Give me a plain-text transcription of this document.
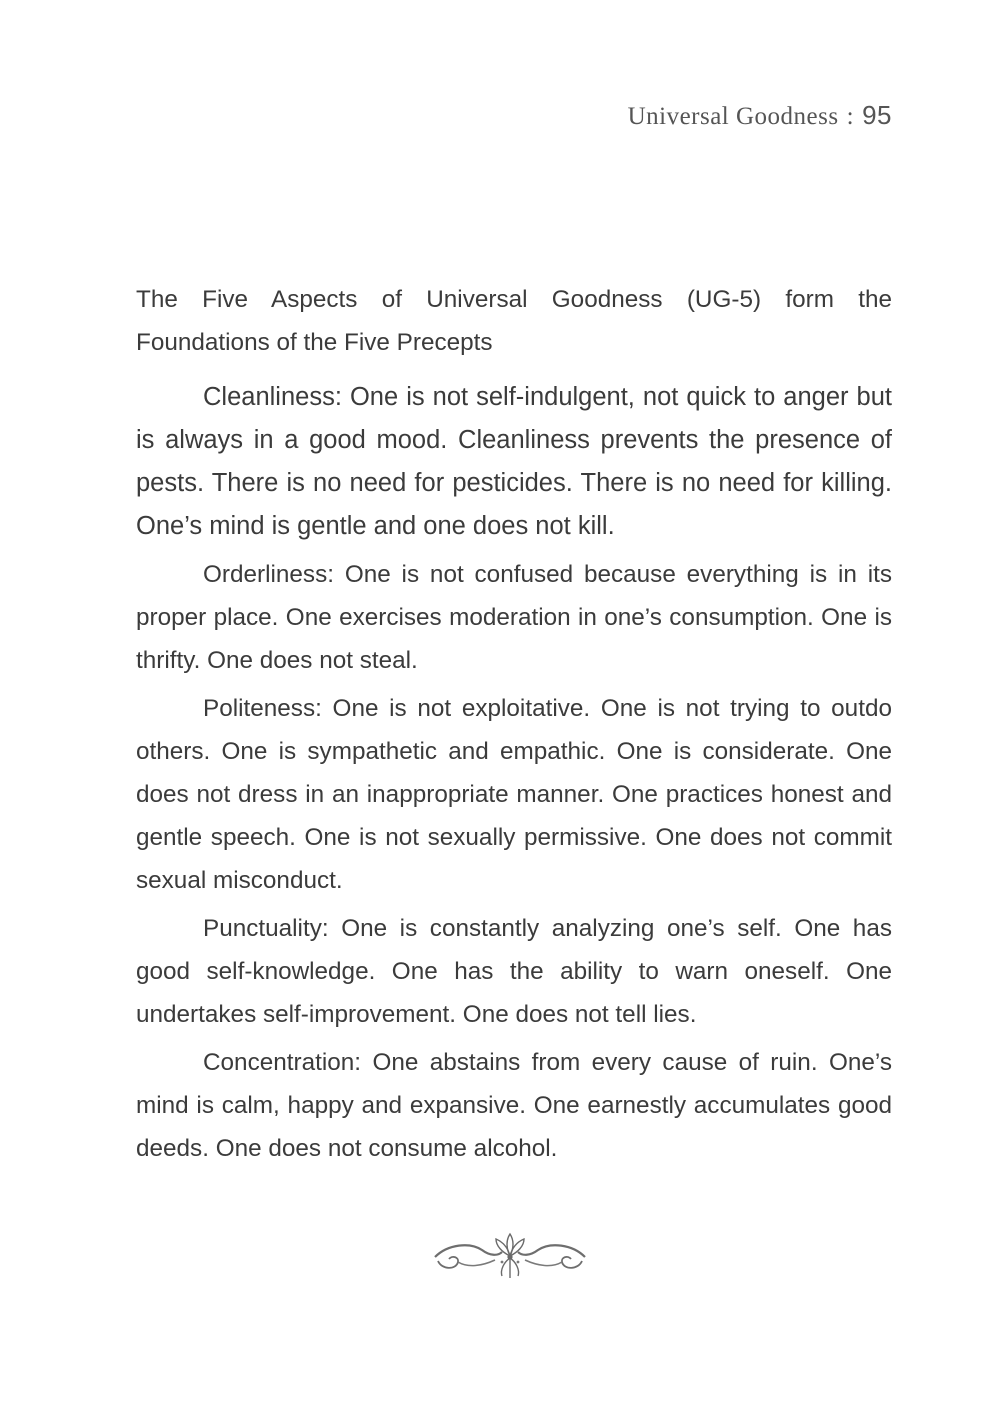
Universal Goodness : 95

The Five Aspects of Universal Goodness (UG-5) form the Foundations of the Five Precepts

Cleanliness: One is not self-indulgent, not quick to anger but is always in a good mood. Cleanliness prevents the presence of pests. There is no need for pesticides. There is no need for killing. One’s mind is gentle and one does not kill.

Orderliness: One is not confused because everything is in its proper place. One exercises moderation in one’s consumption. One is thrifty. One does not steal.

Politeness: One is not exploitative. One is not trying to outdo others. One is sympathetic and empathic. One is considerate. One does not dress in an inappropriate manner. One practices honest and gentle speech. One is not sexually permissive. One does not commit sexual misconduct.

Punctuality: One is constantly analyzing one’s self. One has good self-knowledge. One has the ability to warn oneself. One undertakes self-improvement. One does not tell lies.

Concentration: One abstains from every cause of ruin. One’s mind is calm, happy and expansive. One earnestly accumulates good deeds. One does not consume alcohol.
